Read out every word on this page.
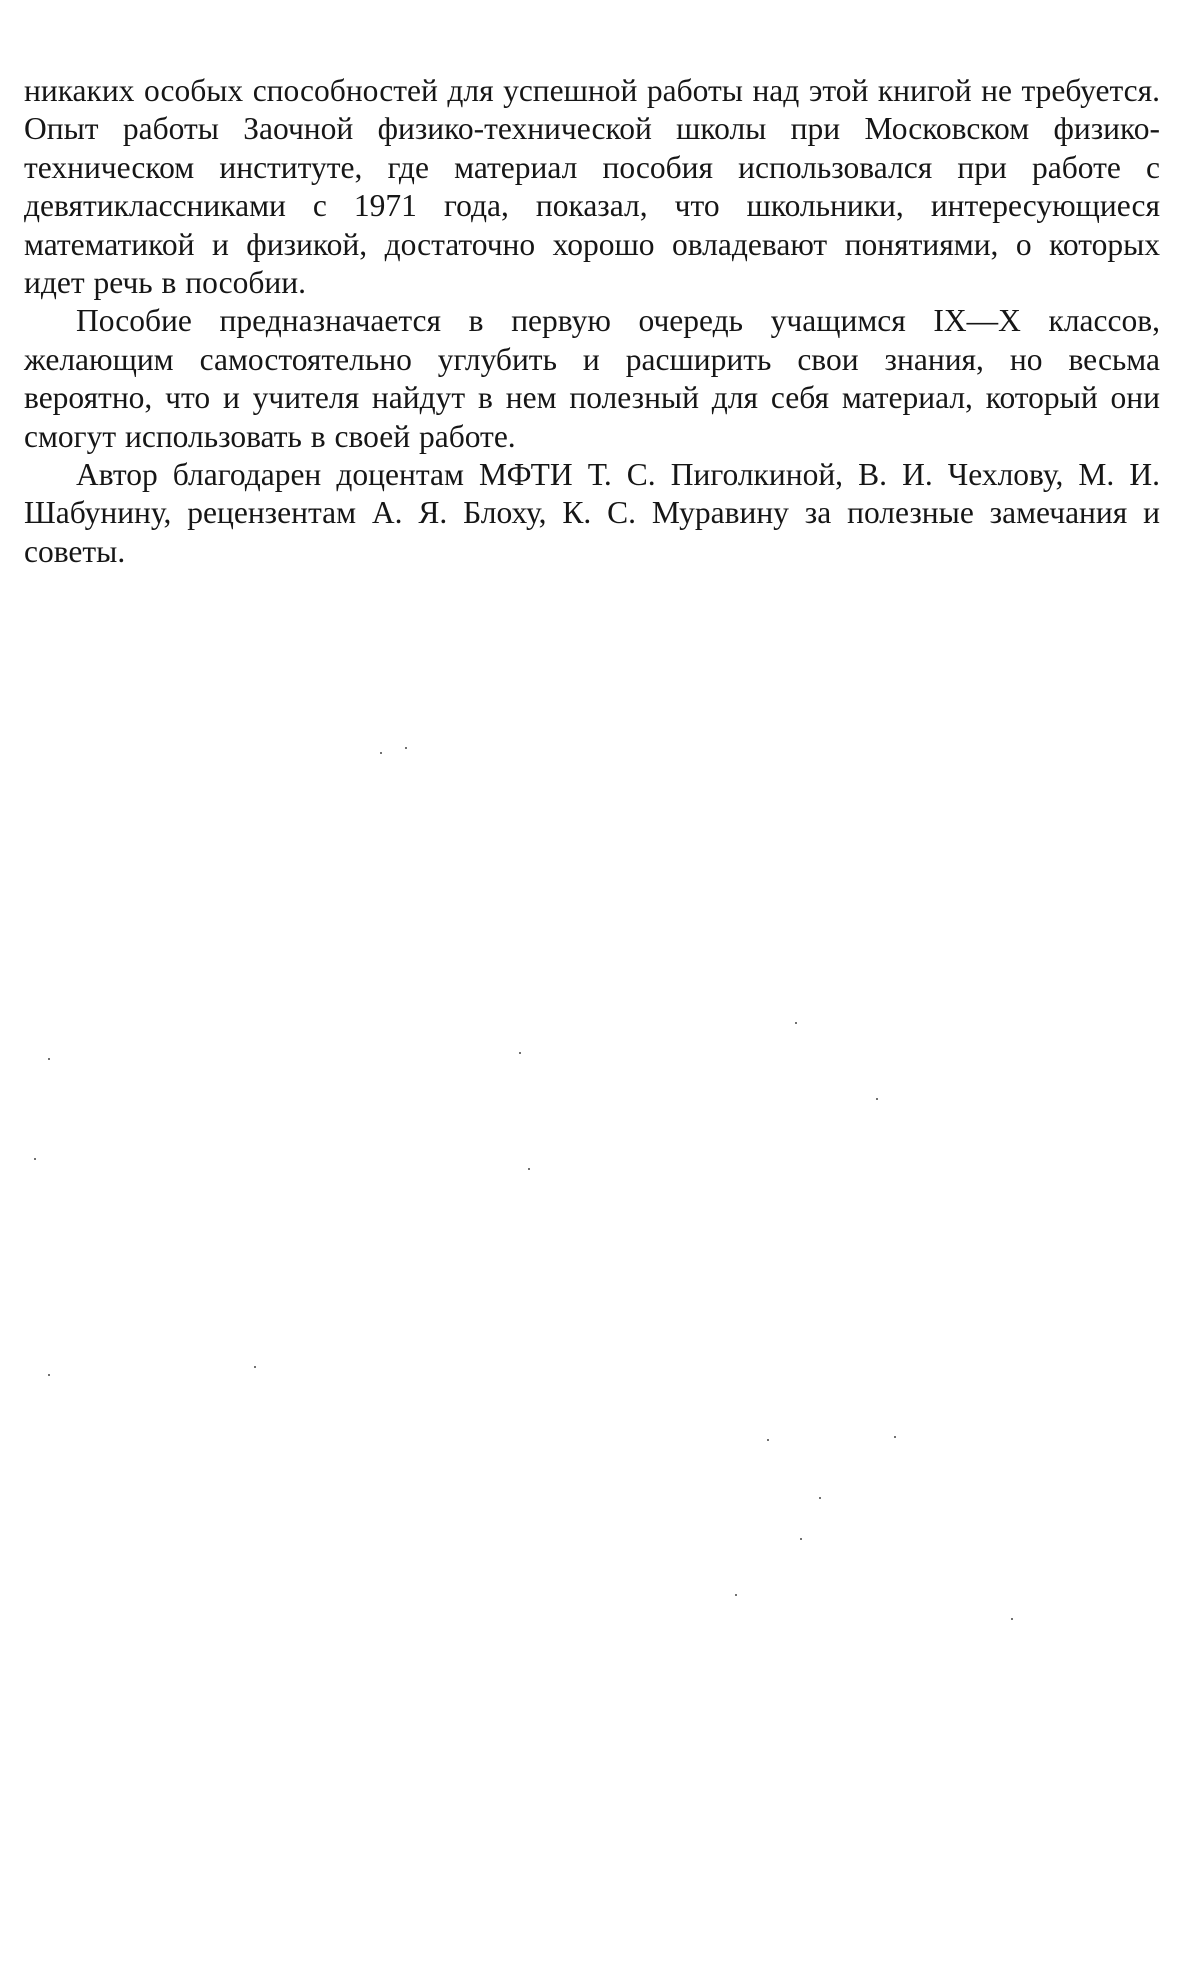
никаких особых способностей для успешной работы над этой книгой не требуется. Опыт работы Заочной физико-технической школы при Московском физико-техническом институте, где материал пособия использовался при работе с девятиклассниками с 1971 года, показал, что школьники, интересующиеся математикой и физикой, достаточно хорошо овладевают понятиями, о которых идет речь в пособии.

Пособие предназначается в первую очередь учащимся IX—X классов, желающим самостоятельно углубить и расширить свои знания, но весьма вероятно, что и учителя найдут в нем полезный для себя материал, который они смогут использовать в своей работе.

Автор благодарен доцентам МФТИ Т. С. Пиголкиной, В. И. Чехлову, М. И. Шабунину, рецензентам А. Я. Блоху, К. С. Муравину за полезные замечания и советы.
